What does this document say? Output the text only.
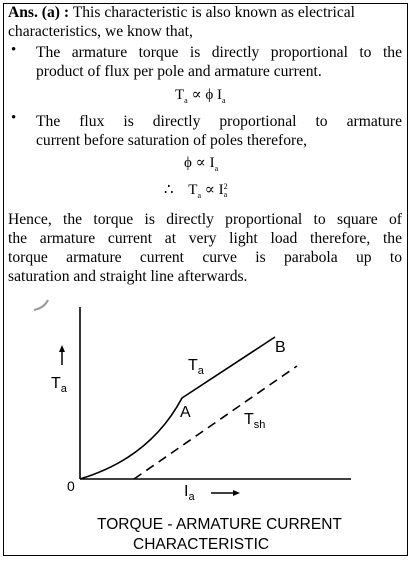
Ans. (a) : This characteristic is also known as electrical
characteristics, we know that,
• The armature torque is directly proportional to the
product of flux per pole and armature current.
$T_a \propto \phi$ $I_a$
• The flux is directly proportional to armature
current before saturation of poles therefore,
$\phi \propto I_a$
∴ $T_a \propto I$ 2
a
Hence, the torque is directly proportional to square of
the armature current at very light load therefore, the
torque armature current curve is parabola up to
saturation and straight line afterwards.
$T_a$
0	$I_a$
$T_a$
$T_{sh}$
A
B
TORQUE - ARMATURE CURRENT
CHARACTERISTIC
